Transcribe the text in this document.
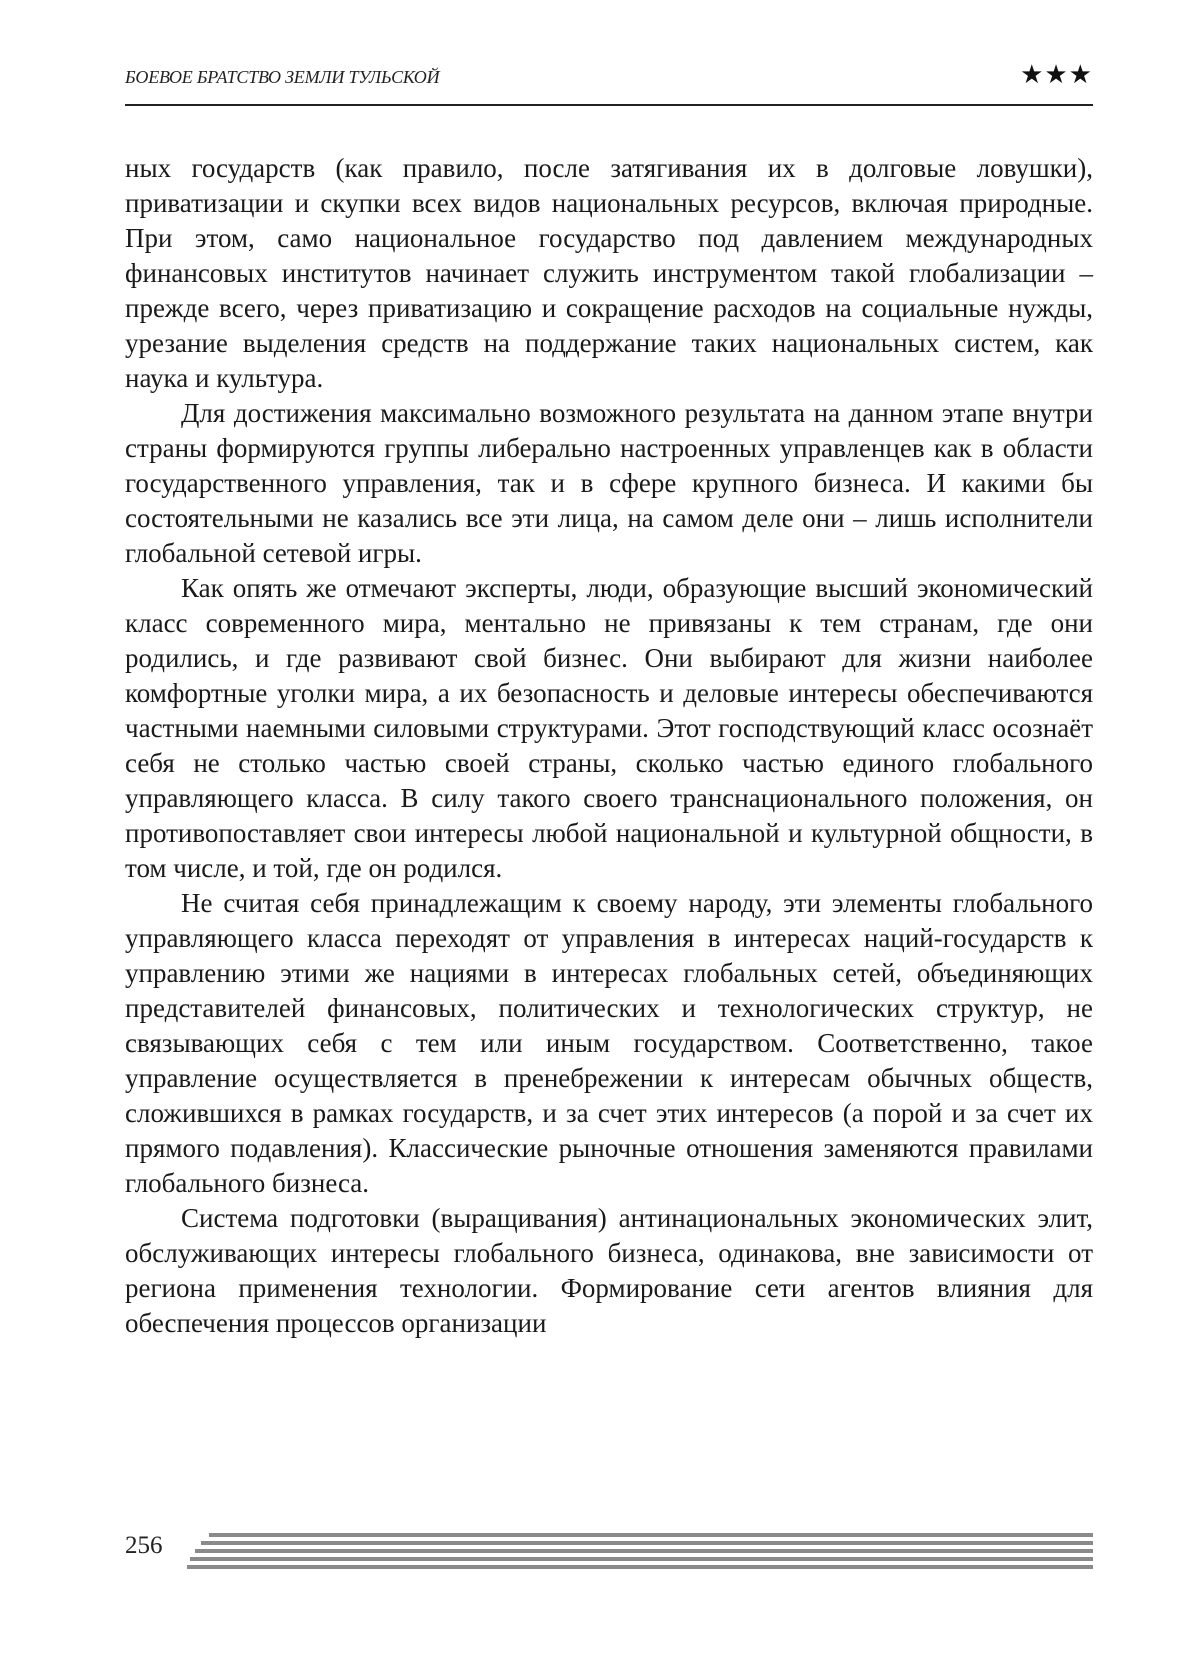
БОЕВОЕ БРАТСТВО ЗЕМЛИ ТУЛЬСКОЙ	★★★

ных государств (как правило, после затягивания их в долговые ловушки), приватизации и скупки всех видов национальных ресурсов, включая природные. При этом, само национальное государство под давлением международных финансовых институтов начинает служить инструментом такой глобализации – прежде всего, через приватизацию и сокращение расходов на социальные нужды, урезание выделения средств на поддержание таких национальных систем, как наука и культура.

Для достижения максимально возможного результата на данном этапе внутри страны формируются группы либерально настроенных управленцев как в области государственного управления, так и в сфере крупного бизнеса. И какими бы состоятельными не казались все эти лица, на самом деле они – лишь исполнители глобальной сетевой игры.

Как опять же отмечают эксперты, люди, образующие высший экономический класс современного мира, ментально не привязаны к тем странам, где они родились, и где развивают свой бизнес. Они выбирают для жизни наиболее комфортные уголки мира, а их безопасность и деловые интересы обеспечиваются частными наемными силовыми структурами. Этот господствующий класс осознаёт себя не столько частью своей страны, сколько частью единого глобального управляющего класса. В силу такого своего транснационального положения, он противопоставляет свои интересы любой национальной и культурной общности, в том числе, и той, где он родился.

Не считая себя принадлежащим к своему народу, эти элементы глобального управляющего класса переходят от управления в интересах наций-государств к управлению этими же нациями в интересах глобальных сетей, объединяющих представителей финансовых, политических и технологических структур, не связывающих себя с тем или иным государством. Соответственно, такое управление осуществляется в пренебрежении к интересам обычных обществ, сложившихся в рамках государств, и за счет этих интересов (а порой и за счет их прямого подавления). Классические рыночные отношения заменяются правилами глобального бизнеса.

Система подготовки (выращивания) антинациональных экономических элит, обслуживающих интересы глобального бизнеса, одинакова, вне зависимости от региона применения технологии. Формирование сети агентов влияния для обеспечения процессов организации

256
